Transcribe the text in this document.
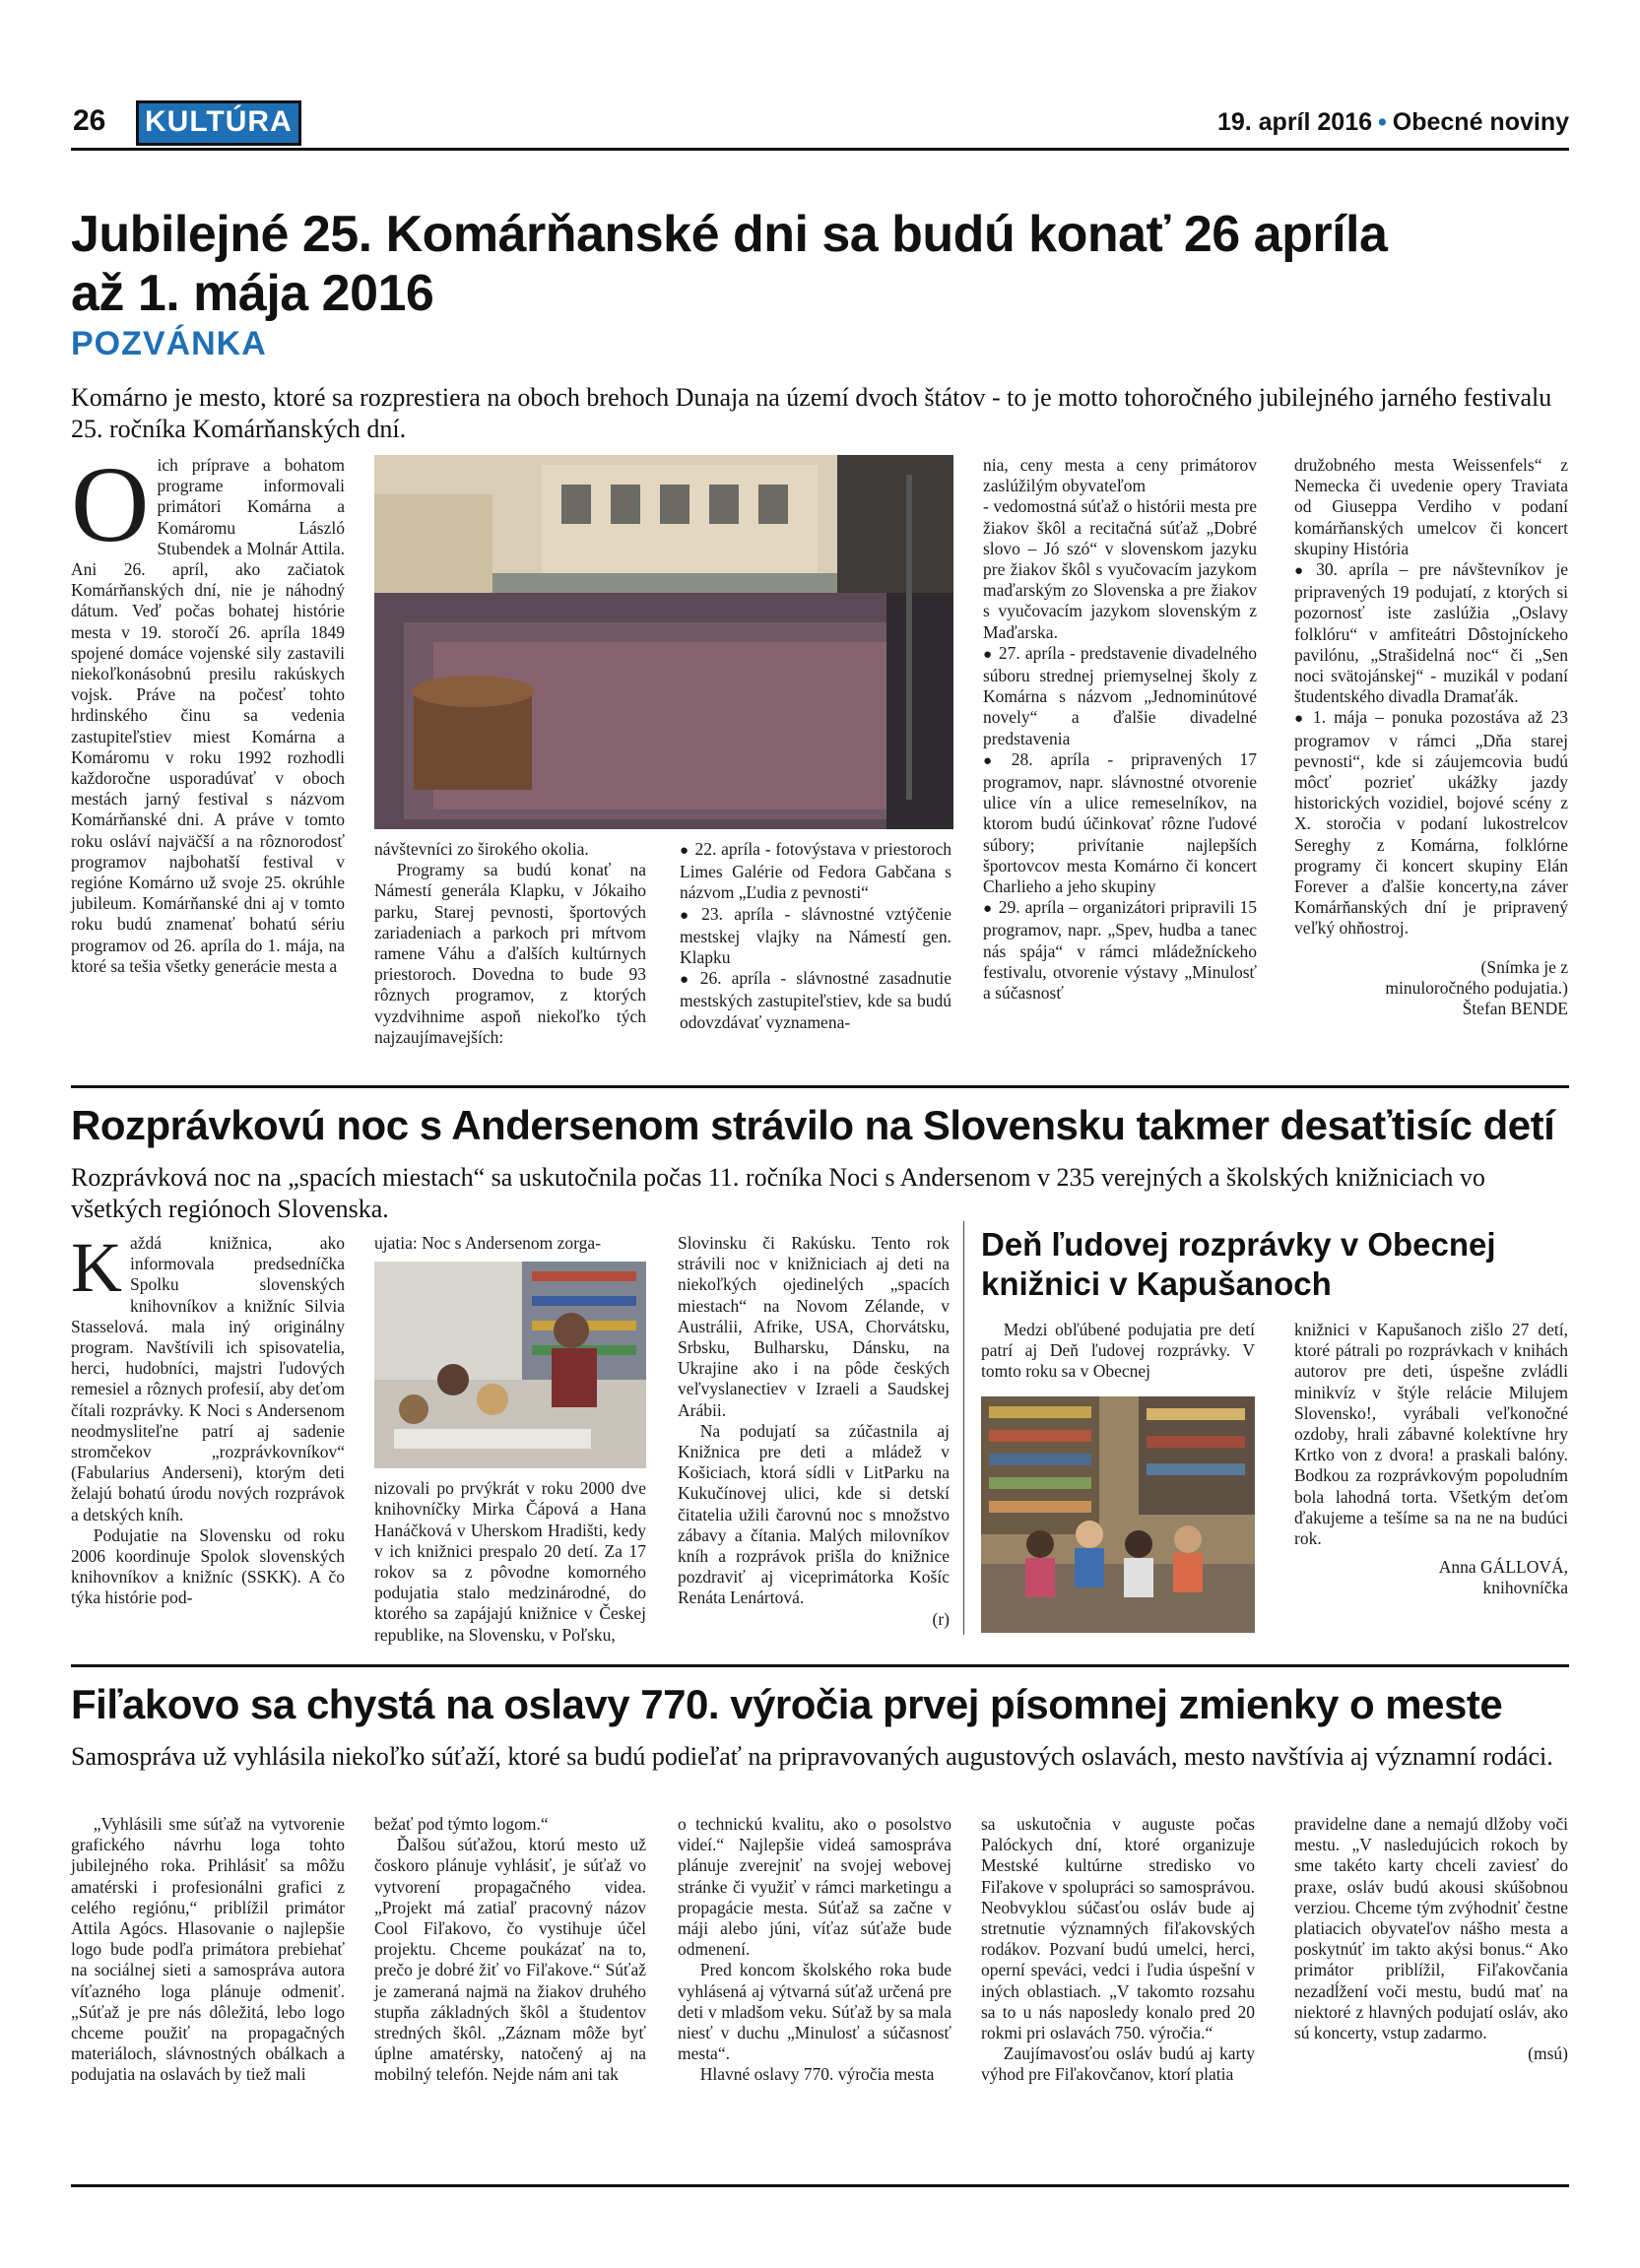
26	KULTÚRA	19. apríl 2016 • Obecné noviny
Jubilejné 25. Komárňanské dni sa budú konať 26 apríla
až 1. mája 2016
POZVÁNKA
Komárno je mesto, ktoré sa rozprestiera na oboch brehoch Dunaja na území dvoch štátov - to je motto tohoročného jubilejného jarného festivalu 25. ročníka Komárňanských dní.

Oich príprave a bohatom programe informovali primátori Komárna a Komáromu László Stubendek a Molnár Attila. Ani 26. apríl, ako začiatok Komárňanských dní, nie je náhodný dátum. Veď počas bohatej histórie mesta v 19. storočí 26. apríla 1849 spojené domáce vojenské sily zastavili niekoľkonásobnú presilu rakúskych vojsk. Práve na počesť tohto hrdinského činu sa vedenia zastupiteľstiev miest Komárna a Komáromu v roku 1992 rozhodli každoročne usporadúvať v oboch mestách jarný festival s názvom Komárňanské dni. A práve v tomto roku osláví najväčší a na rôznorodosť programov najbohatší festival v regióne Komárno už svoje 25. okrúhle jubileum. Komárňanské dni aj v tomto roku budú znamenať bohatú sériu programov od 26. apríla do 1. mája, na ktoré sa tešia všetky generácie mesta a

návštevníci zo širokého okolia.

Programy sa budú konať na Námestí generála Klapku, v Jókaiho parku, Starej pevnosti, športových zariadeniach a parkoch pri mŕtvom ramene Váhu a ďalších kultúrnych priestoroch. Dovedna to bude 93 rôznych programov, z ktorých vyzdvihnime aspoň niekoľko tých najzaujímavejších:

● 22. apríla - fotovýstava v priestoroch Limes Galérie od Fedora Gabčana s názvom „Ľudia z pevnosti“

● 23. apríla - slávnostné vztýčenie mestskej vlajky na Námestí gen. Klapku

● 26. apríla - slávnostné zasadnutie mestských zastupiteľstiev, kde sa budú odovzdávať vyznamena-

nia, ceny mesta a ceny primátorov zaslúžilým obyvateľom

- vedomostná súťaž o histórii mesta pre žiakov škôl a recitačná súťaž „Dobré slovo – Jó szó“ v slovenskom jazyku pre žiakov škôl s vyučovacím jazykom maďarským zo Slovenska a pre žiakov s vyučovacím jazykom slovenským z Maďarska.

● 27. apríla - predstavenie divadelného súboru strednej priemyselnej školy z Komárna s názvom „Jednominútové novely“ a ďalšie divadelné predstavenia

● 28. apríla - pripravených 17 programov, napr. slávnostné otvorenie ulice vín a ulice remeselníkov, na ktorom budú účinkovať rôzne ľudové súbory; privítanie najlepších športovcov mesta Komárno či koncert Charlieho a jeho skupiny

● 29. apríla – organizátori pripravili 15 programov, napr. „Spev, hudba a tanec nás spája“ v rámci mládežníckeho festivalu, otvorenie výstavy „Minulosť a súčasnosť

družobného mesta Weissenfels“ z Nemecka či uvedenie opery Traviata od Giuseppa Verdiho v podaní komárňanských umelcov či koncert skupiny História

● 30. apríla – pre návštevníkov je pripravených 19 podujatí, z ktorých si pozornosť iste zaslúžia „Oslavy folklóru“ v amfiteátri Dôstojníckeho pavilónu, „Strašidelná noc“ či „Sen noci svätojánskej“ - muzikál v podaní študentského divadla Dramaťák.

● 1. mája – ponuka pozostáva až 23 programov v rámci „Dňa starej pevnosti“, kde si záujemcovia budú môcť pozrieť ukážky jazdy historických vozidiel, bojové scény z X. storočia v podaní lukostrelcov Sereghy z Komárna, folklórne programy či koncert skupiny Elán Forever a ďalšie koncerty,na záver Komárňanských dní je pripravený veľký ohňostroj.

(Snímka je z minuloročného podujatia.)

Štefan BENDE

Rozprávkovú noc s Andersenom strávilo na Slovensku takmer desaťtisíc detí
Rozprávková noc na „spacích miestach“ sa uskutočnila počas 11. ročníka Noci s Andersenom v 235 verejných a školských knižniciach vo všetkých regiónoch Slovenska.

Každá knižnica, ako informovala predsedníčka Spolku slovenských knihovníkov a knižníc Silvia Stasselová. mala iný originálny program. Navštívili ich spisovatelia, herci, hudobníci, majstri ľudových remesiel a rôznych profesií, aby deťom čítali rozprávky. K Noci s Andersenom neodmysliteľne patrí aj sadenie stromčekov „rozprávkovníkov“ (Fabularius Anderseni), ktorým deti želajú bohatú úrodu nových rozprávok a detských kníh.

Podujatie na Slovensku od roku 2006 koordinuje Spolok slovenských knihovníkov a knižníc (SSKK). A čo týka histórie pod-

ujatia: Noc s Andersenom zorga-

nizovali po prvýkrát v roku 2000 dve knihovníčky Mirka Čápová a Hana Hanáčková v Uherskom Hradišti, kedy v ich knižnici prespalo 20 detí. Za 17 rokov sa z pôvodne komorného podujatia stalo medzinárodné, do ktorého sa zapájajú knižnice v Českej republike, na Slovensku, v Poľsku,

Slovinsku či Rakúsku. Tento rok strávili noc v knižniciach aj deti na niekoľkých ojedinelých „spacích miestach“ na Novom Zélande, v Austrálii, Afrike, USA, Chorvátsku, Srbsku, Bulharsku, Dánsku, na Ukrajine ako i na pôde českých veľvyslanectiev v Izraeli a Saudskej Arábii.

Na podujatí sa zúčastnila aj Knižnica pre deti a mládež v Košiciach, ktorá sídli v LitParku na Kukučínovej ulici, kde si detskí čitatelia užili čarovnú noc s množstvo zábavy a čítania. Malých milovníkov kníh a rozprávok prišla do knižnice pozdraviť aj viceprimátorka Košíc Renáta Lenártová.

(r)

Deň ľudovej rozprávky v Obecnej knižnici v Kapušanoch

Medzi obľúbené podujatia pre detí patrí aj Deň ľudovej rozprávky. V tomto roku sa v Obecnej

knižnici v Kapušanoch zišlo 27 detí, ktoré pátrali po rozprávkach v knihách autorov pre deti, úspešne zvládli minikvíz v štýle relácie Milujem Slovensko!, vyrábali veľkonočné ozdoby, hrali zábavné kolektívne hry Krtko von z dvora! a praskali balóny. Bodkou za rozprávkovým popoludním bola lahodná torta. Všetkým deťom ďakujeme a tešíme sa na ne na budúci rok.

Anna GÁLLOVÁ,

knihovníčka

Fiľakovo sa chystá na oslavy 770. výročia prvej písomnej zmienky o meste
Samospráva už vyhlásila niekoľko súťaží, ktoré sa budú podieľať na pripravovaných augustových oslavách, mesto navštívia aj významní rodáci.

„Vyhlásili sme súťaž na vytvorenie grafického návrhu loga tohto jubilejného roka. Prihlásiť sa môžu amatérski i profesionálni grafici z celého regiónu,“ priblížil primátor Attila Agócs. Hlasovanie o najlepšie logo bude podľa primátora prebiehať na sociálnej sieti a samospráva autora víťazného loga plánuje odmeniť. „Súťaž je pre nás dôležitá, lebo logo chceme použiť na propagačných materiáloch, slávnostných obálkach a podujatia na oslavách by tiež mali

bežať pod týmto logom.“

Ďalšou súťažou, ktorú mesto už čoskoro plánuje vyhlásiť, je súťaž vo vytvorení propagačného videa. „Projekt má zatiaľ pracovný názov Cool Fiľakovo, čo vystihuje účel projektu. Chceme poukázať na to, prečo je dobré žiť vo Fiľakove.“ Súťaž je zameraná najmä na žiakov druhého stupňa základných škôl a študentov stredných škôl. „Záznam môže byť úplne amatérsky, natočený aj na mobilný telefón. Nejde nám ani tak

o technickú kvalitu, ako o posolstvo videí.“ Najlepšie videá samospráva plánuje zverejniť na svojej webovej stránke či využiť v rámci marketingu a propagácie mesta. Súťaž sa začne v máji alebo júni, víťaz súťaže bude odmenení.

Pred koncom školského roka bude vyhlásená aj výtvarná súťaž určená pre deti v mladšom veku. Súťaž by sa mala niesť v duchu „Minulosť a súčasnosť mesta“.

Hlavné oslavy 770. výročia mesta

sa uskutočnia v auguste počas Palóckych dní, ktoré organizuje Mestské kultúrne stredisko vo Fiľakove v spolupráci so samosprávou. Neobvyklou súčasťou osláv bude aj stretnutie významných fiľakovských rodákov. Pozvaní budú umelci, herci, operní speváci, vedci i ľudia úspešní v iných oblastiach. „V takomto rozsahu sa to u nás naposledy konalo pred 20 rokmi pri oslavách 750. výročia.“

Zaujímavosťou osláv budú aj karty výhod pre Fiľakovčanov, ktorí platia

pravidelne dane a nemajú dlžoby voči mestu. „V nasledujúcich rokoch by sme takéto karty chceli zaviesť do praxe, osláv budú akousi skúšobnou verziou. Chceme tým zvýhodniť čestne platiacich obyvateľov nášho mesta a poskytnúť im takto akýsi bonus.“ Ako primátor priblížil, Fiľakovčania nezadĺžení voči mestu, budú mať na niektoré z hlavných podujatí osláv, ako sú koncerty, vstup zadarmo.

(msú)
